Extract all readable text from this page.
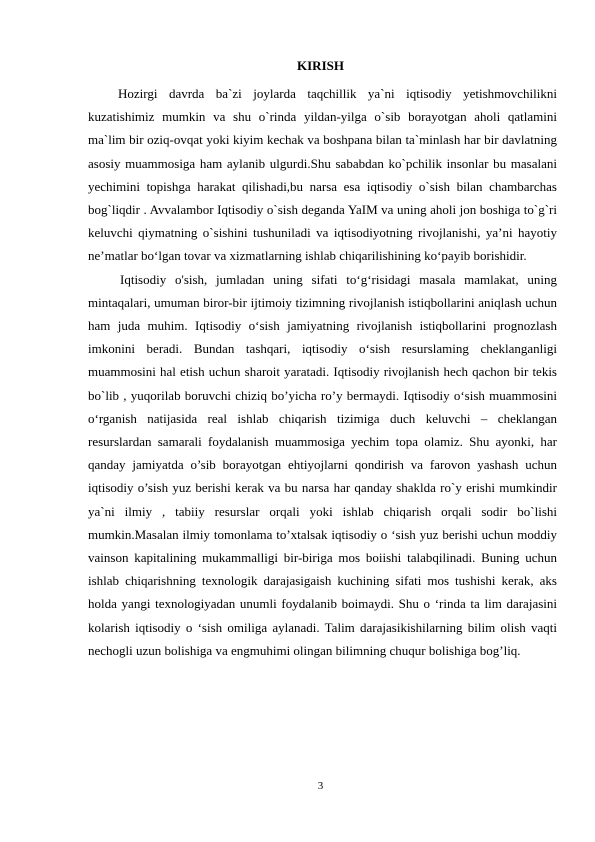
KIRISH

Hozirgi davrda ba`zi joylarda taqchillik ya`ni iqtisodiy yetishmovchilikni kuzatishimiz mumkin va shu o`rinda yildan-yilga o`sib borayotgan aholi qatlamini ma`lim bir oziq-ovqat yoki kiyim kechak va boshpana bilan ta`minlash har bir davlatning asosiy muammosiga ham aylanib ulgurdi.Shu sababdan ko`pchilik insonlar bu masalani yechimini topishga harakat qilishadi,bu narsa esa iqtisodiy o`sish bilan chambarchas bog`liqdir . Avvalambor Iqtisodiy o`sish deganda YaIM va uning aholi jon boshiga to`g`ri keluvchi qiymatning o`sishini tushuniladi va iqtisodiyotning rivojlanishi, ya’ni hayotiy ne’matlar bo‘lgan tovar va xizmatlarning ishlab chiqarilishining ko‘payib borishidir.

Iqtisodiy o'sish, jumladan uning sifati to‘g‘risidagi masala mamlakat, uning mintaqalari, umuman biror-bir ijtimoiy tizimning rivojlanish istiqbollarini aniqlash uchun ham juda muhim. Iqtisodiy o‘sish jamiyatning rivojlanish istiqbollarini prognozlash imkonini beradi. Bundan tashqari, iqtisodiy o‘sish resurslaming cheklanganligi muammosini hal etish uchun sharoit yaratadi. Iqtisodiy rivojlanish hech qachon bir tekis bo`lib , yuqorilab boruvchi chiziq bo’yicha ro’y bermaydi. Iqtisodiy o‘sish muammosini o‘rganish natijasida real ishlab chiqarish tizimiga duch keluvchi – cheklangan resurslardan samarali foydalanish muammosiga yechim topa olamiz. Shu ayonki, har qanday jamiyatda o’sib borayotgan ehtiyojlarni qondirish va farovon yashash uchun iqtisodiy o’sish yuz berishi kerak va bu narsa har qanday shaklda ro`y erishi mumkindir ya`ni ilmiy , tabiiy resurslar orqali yoki ishlab chiqarish orqali sodir bo`lishi mumkin.Masalan ilmiy tomonlama to’xtalsak iqtisodiy o ‘sish yuz berishi uchun moddiy vainson kapitalining mukammalligi bir-biriga mos boiishi talabqilinadi. Buning uchun ishlab chiqarishning texnologik darajasigaish kuchining sifati mos tushishi kerak, aks holda yangi texnologiyadan unumli foydalanib boimaydi. Shu o ‘rinda ta lim darajasini kolarish iqtisodiy o ‘sish omiliga aylanadi. Talim darajasikishilarning bilim olish vaqti nechogli uzun bolishiga va engmuhimi olingan bilimning chuqur bolishiga bog’liq.

3
